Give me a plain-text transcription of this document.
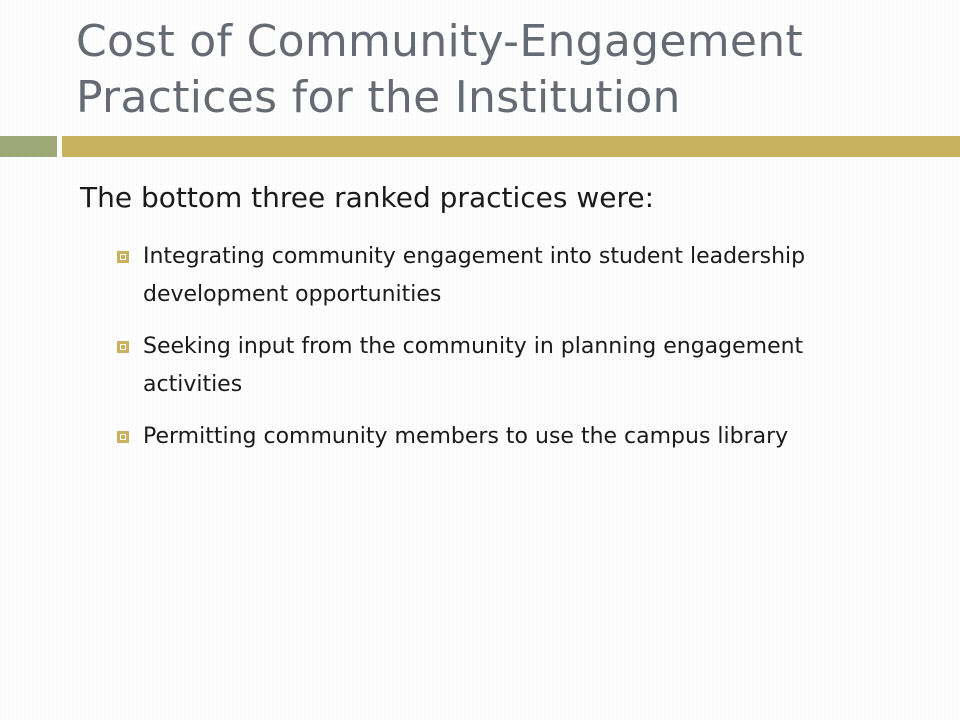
Cost of Community-Engagement Practices for the Institution

The bottom three ranked practices were:

Integrating community engagement into student leadership development opportunities
Seeking input from the community in planning engagement activities
Permitting community members to use the campus library
